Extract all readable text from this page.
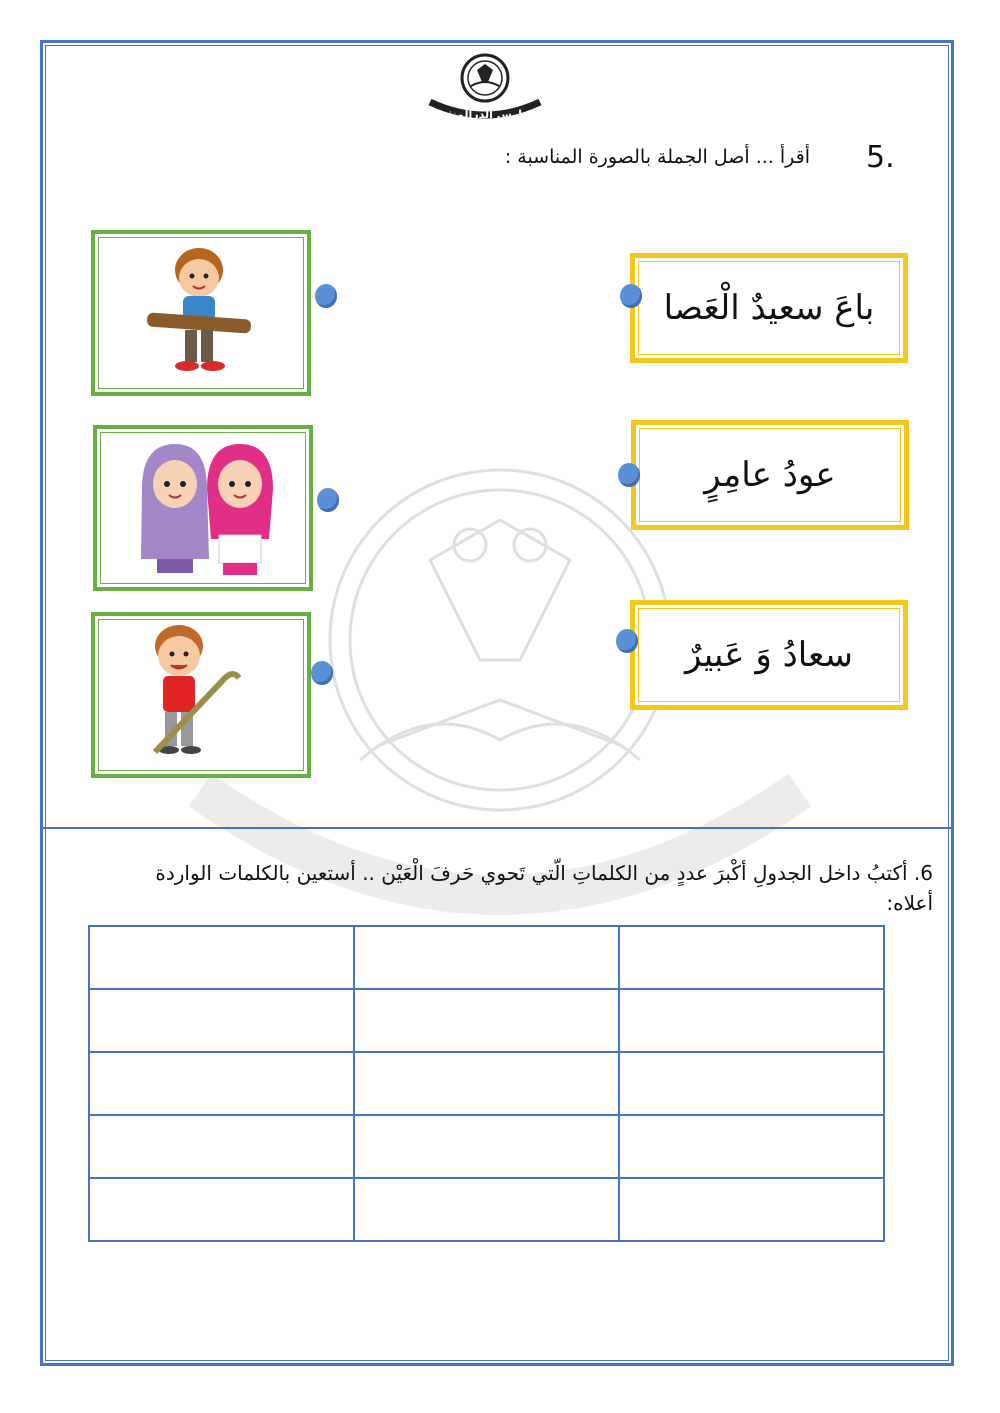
مدارس الدرالمنثور
5.
أقرأ ... أصل الجملة بالصورة المناسبة :
باعَ سعيدٌ الْعَصا
عودُ عامِرٍ
سعادُ وَ عَبيرٌ
6. أكتبُ داخل الجدولِ أكْبرَ عددٍ من الكلماتِ الّتي تَحوي حَرفَ الْعَيْن .. أستعين بالكلمات الواردة أعلاه:
